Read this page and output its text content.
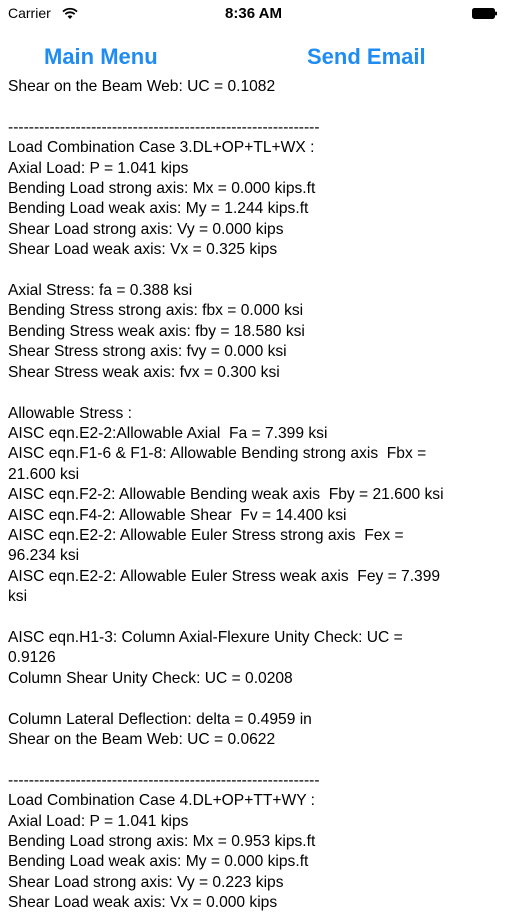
Carrier	8:36 AM
Main Menu	Send Email
Shear on the Beam Web: UC = 0.1082
------------------------------------------------------------
Load Combination Case 3.DL+OP+TL+WX :
Axial Load: P = 1.041 kips
Bending Load strong axis: Mx = 0.000 kips.ft
Bending Load weak axis: My = 1.244 kips.ft
Shear Load strong axis: Vy = 0.000 kips
Shear Load weak axis: Vx = 0.325 kips
Axial Stress: fa = 0.388 ksi
Bending Stress strong axis: fbx = 0.000 ksi
Bending Stress weak axis: fby = 18.580 ksi
Shear Stress strong axis: fvy = 0.000 ksi
Shear Stress weak axis: fvx = 0.300 ksi
Allowable Stress :
AISC eqn.E2-2:Allowable Axial  Fa = 7.399 ksi
AISC eqn.F1-6 & F1-8: Allowable Bending strong axis  Fbx =
21.600 ksi
AISC eqn.F2-2: Allowable Bending weak axis  Fby = 21.600 ksi
AISC eqn.F4-2: Allowable Shear  Fv = 14.400 ksi
AISC eqn.E2-2: Allowable Euler Stress strong axis  Fex =
96.234 ksi
AISC eqn.E2-2: Allowable Euler Stress weak axis  Fey = 7.399
ksi
AISC eqn.H1-3: Column Axial-Flexure Unity Check: UC =
0.9126
Column Shear Unity Check: UC = 0.0208
Column Lateral Deflection: delta = 0.4959 in
Shear on the Beam Web: UC = 0.0622
------------------------------------------------------------
Load Combination Case 4.DL+OP+TT+WY :
Axial Load: P = 1.041 kips
Bending Load strong axis: Mx = 0.953 kips.ft
Bending Load weak axis: My = 0.000 kips.ft
Shear Load strong axis: Vy = 0.223 kips
Shear Load weak axis: Vx = 0.000 kips
